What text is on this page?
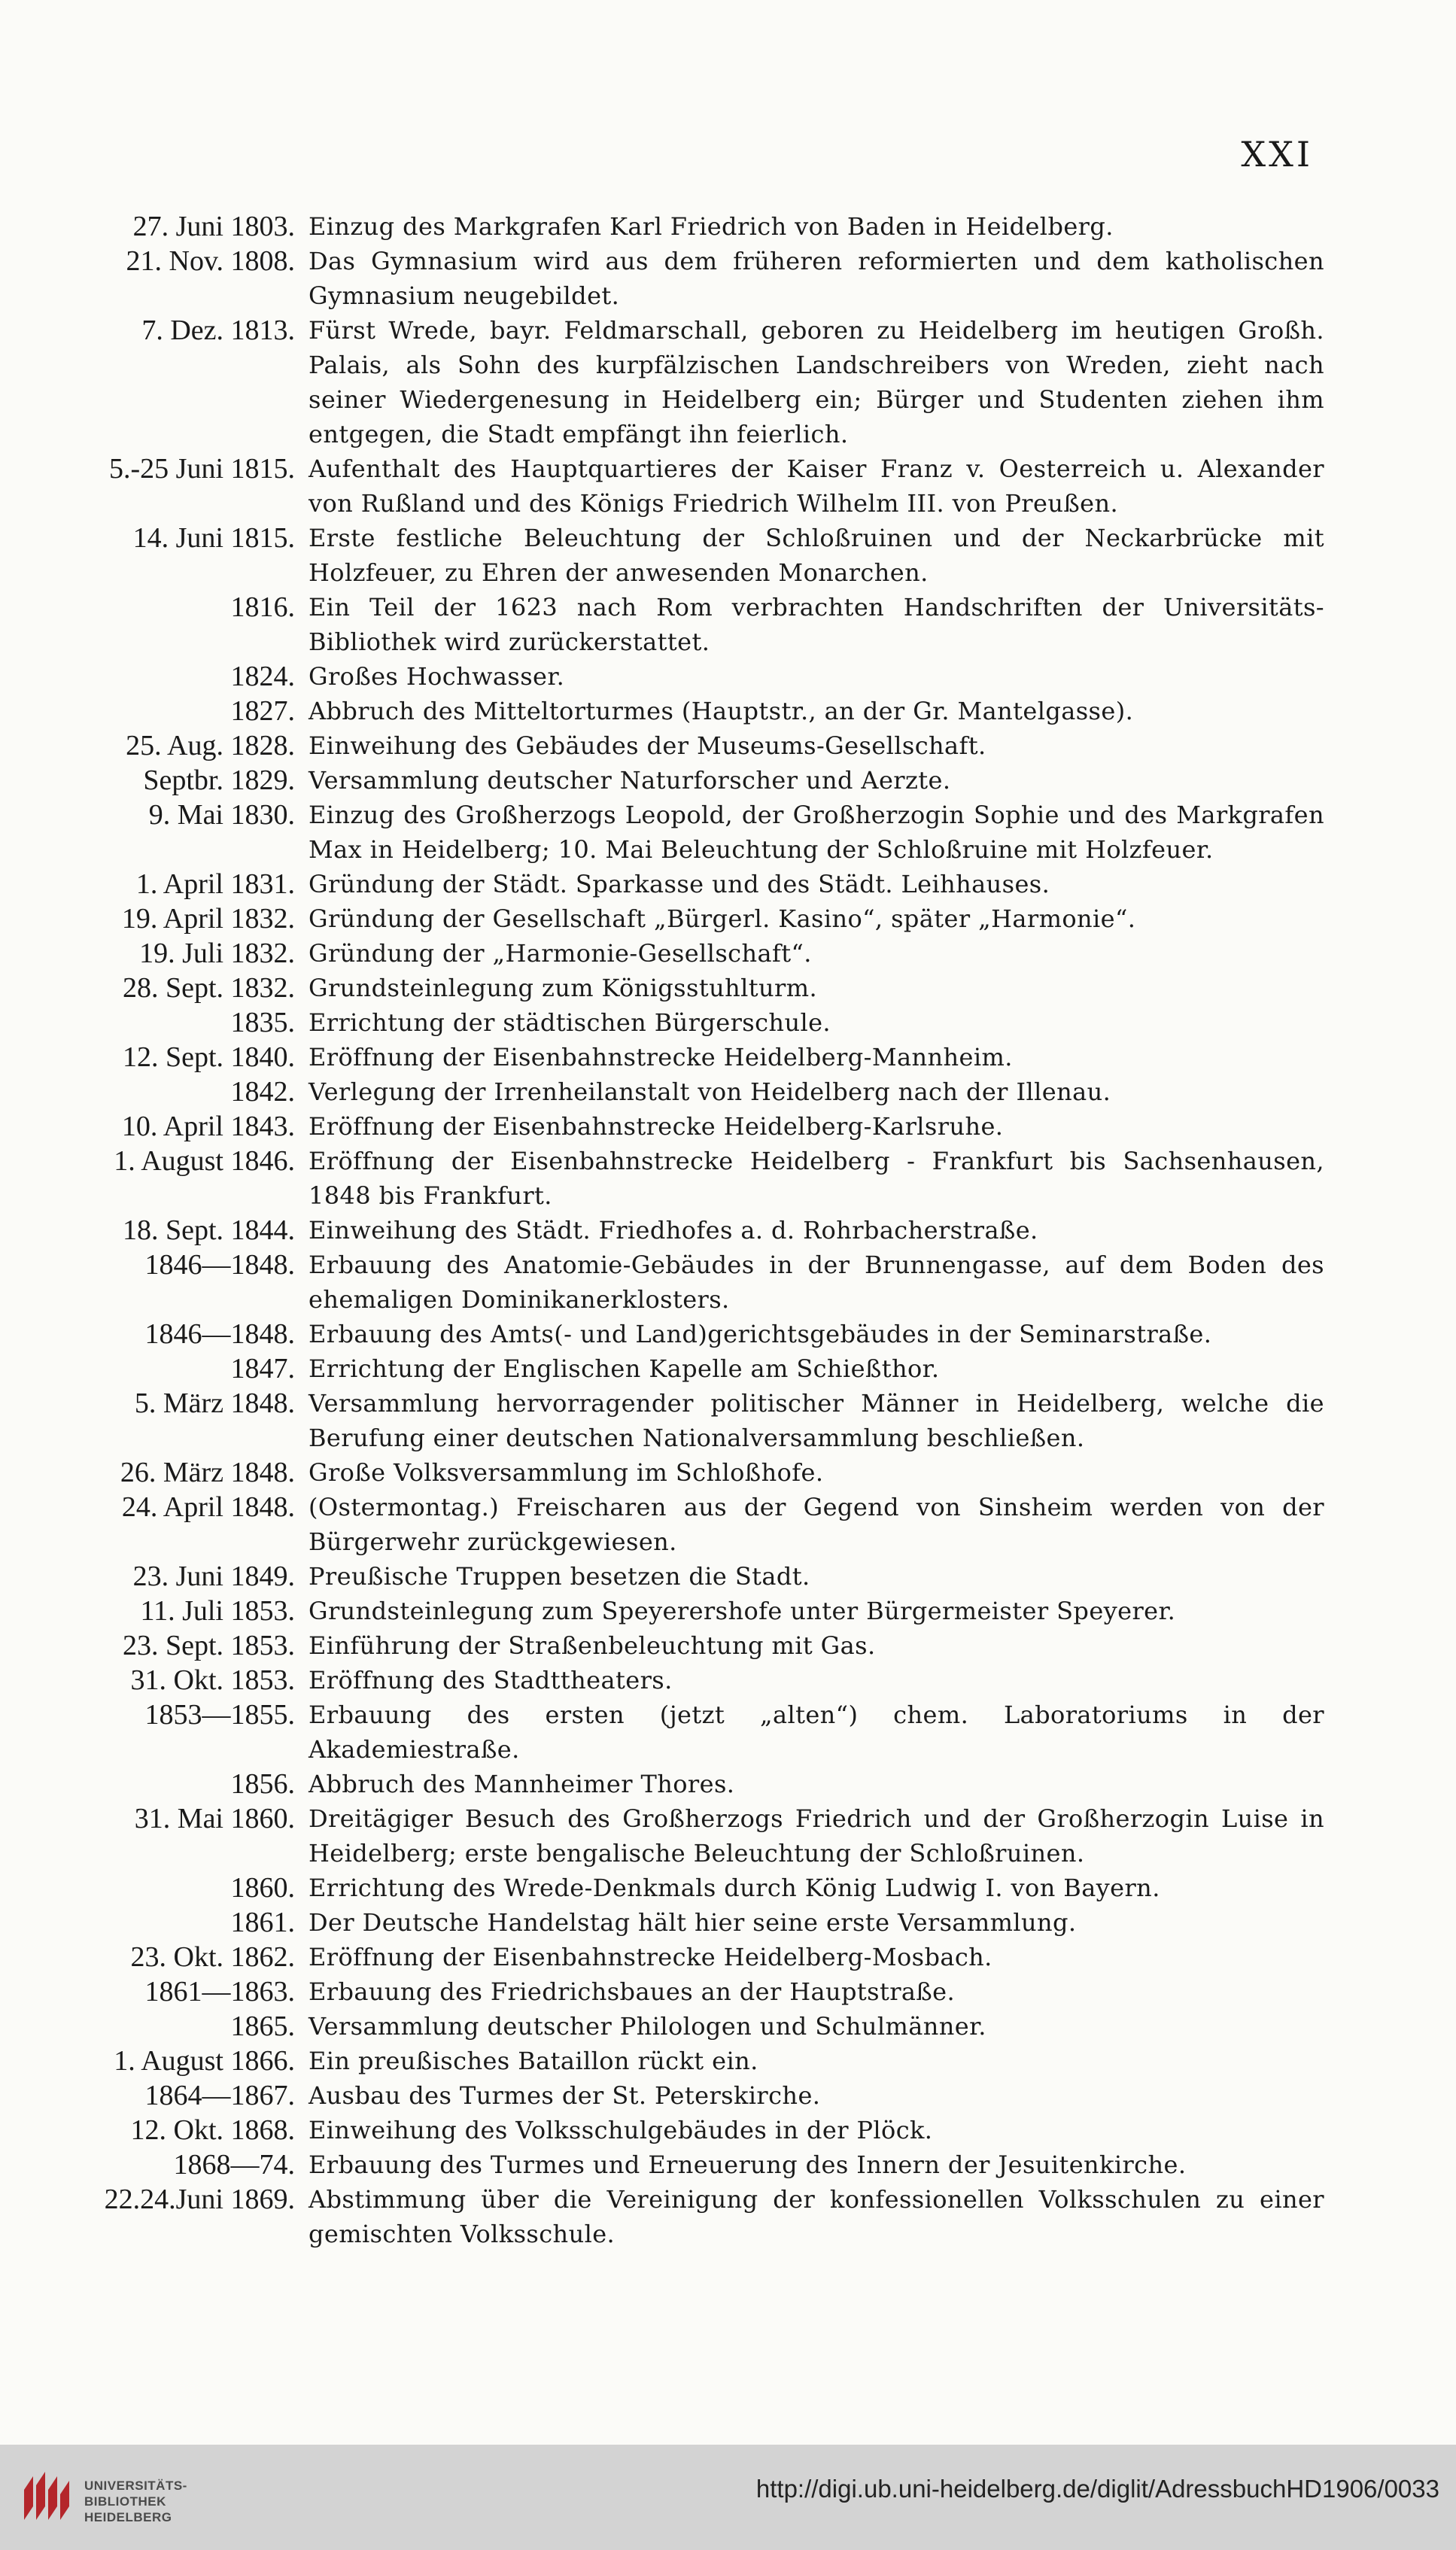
XXI
27. Juni 1803. Einzug des Markgrafen Karl Friedrich von Baden in Heidelberg.
21. Nov. 1808. Das Gymnasium wird aus dem früheren reformierten und dem katholischen Gymnasium neugebildet.
7. Dez. 1813. Fürst Wrede, bayr. Feldmarschall, geboren zu Heidelberg im heutigen Großh. Palais, als Sohn des kurpfälzischen Landschreibers von Wreden, zieht nach seiner Wiedergenesung in Heidelberg ein; Bürger und Studenten ziehen ihm entgegen, die Stadt empfängt ihn feierlich.
5.-25 Juni 1815. Aufenthalt des Hauptquartieres der Kaiser Franz v. Oesterreich u. Alexander von Rußland und des Königs Friedrich Wilhelm III. von Preußen.
14. Juni 1815. Erste festliche Beleuchtung der Schloßruinen und der Neckarbrücke mit Holzfeuer, zu Ehren der anwesenden Monarchen.
1816. Ein Teil der 1623 nach Rom verbrachten Handschriften der Universitäts-Bibliothek wird zurückerstattet.
1824. Großes Hochwasser.
1827. Abbruch des Mitteltorturmes (Hauptstr., an der Gr. Mantelgasse).
25. Aug. 1828. Einweihung des Gebäudes der Museums-Gesellschaft.
Septbr. 1829. Versammlung deutscher Naturforscher und Aerzte.
9. Mai 1830. Einzug des Großherzogs Leopold, der Großherzogin Sophie und des Markgrafen Max in Heidelberg; 10. Mai Beleuchtung der Schloßruine mit Holzfeuer.
1. April 1831. Gründung der Städt. Sparkasse und des Städt. Leihhauses.
19. April 1832. Gründung der Gesellschaft „Bürgerl. Kasino“, später „Harmonie“.
19. Juli 1832. Gründung der „Harmonie-Gesellschaft“.
28. Sept. 1832. Grundsteinlegung zum Königsstuhlturm.
1835. Errichtung der städtischen Bürgerschule.
12. Sept. 1840. Eröffnung der Eisenbahnstrecke Heidelberg-Mannheim.
1842. Verlegung der Irrenheilanstalt von Heidelberg nach der Illenau.
10. April 1843. Eröffnung der Eisenbahnstrecke Heidelberg-Karlsruhe.
1. August 1846. Eröffnung der Eisenbahnstrecke Heidelberg - Frankfurt bis Sachsenhausen, 1848 bis Frankfurt.
18. Sept. 1844. Einweihung des Städt. Friedhofes a. d. Rohrbacherstraße.
1846—1848. Erbauung des Anatomie-Gebäudes in der Brunnengasse, auf dem Boden des ehemaligen Dominikanerklosters.
1846—1848. Erbauung des Amts(- und Land)gerichtsgebäudes in der Seminarstraße.
1847. Errichtung der Englischen Kapelle am Schießthor.
5. März 1848. Versammlung hervorragender politischer Männer in Heidelberg, welche die Berufung einer deutschen Nationalversammlung beschließen.
26. März 1848. Große Volksversammlung im Schloßhofe.
24. April 1848. (Ostermontag.) Freischaren aus der Gegend von Sinsheim werden von der Bürgerwehr zurückgewiesen.
23. Juni 1849. Preußische Truppen besetzen die Stadt.
11. Juli 1853. Grundsteinlegung zum Speyerershofe unter Bürgermeister Speyerer.
23. Sept. 1853. Einführung der Straßenbeleuchtung mit Gas.
31. Okt. 1853. Eröffnung des Stadttheaters.
1853—1855. Erbauung des ersten (jetzt „alten“) chem. Laboratoriums in der Akademiestraße.
1856. Abbruch des Mannheimer Thores.
31. Mai 1860. Dreitägiger Besuch des Großherzogs Friedrich und der Großherzogin Luise in Heidelberg; erste bengalische Beleuchtung der Schloßruinen.
1860. Errichtung des Wrede-Denkmals durch König Ludwig I. von Bayern.
1861. Der Deutsche Handelstag hält hier seine erste Versammlung.
23. Okt. 1862. Eröffnung der Eisenbahnstrecke Heidelberg-Mosbach.
1861—1863. Erbauung des Friedrichsbaues an der Hauptstraße.
1865. Versammlung deutscher Philologen und Schulmänner.
1. August 1866. Ein preußisches Bataillon rückt ein.
1864—1867. Ausbau des Turmes der St. Peterskirche.
12. Okt. 1868. Einweihung des Volksschulgebäudes in der Plöck.
1868—74. Erbauung des Turmes und Erneuerung des Innern der Jesuitenkirche.
22.24.Juni 1869. Abstimmung über die Vereinigung der konfessionellen Volksschulen zu einer gemischten Volksschule.
UNIVERSITÄTS-
BIBLIOTHEK
HEIDELBERG
http://digi.ub.uni-heidelberg.de/diglit/AdressbuchHD1906/0033
